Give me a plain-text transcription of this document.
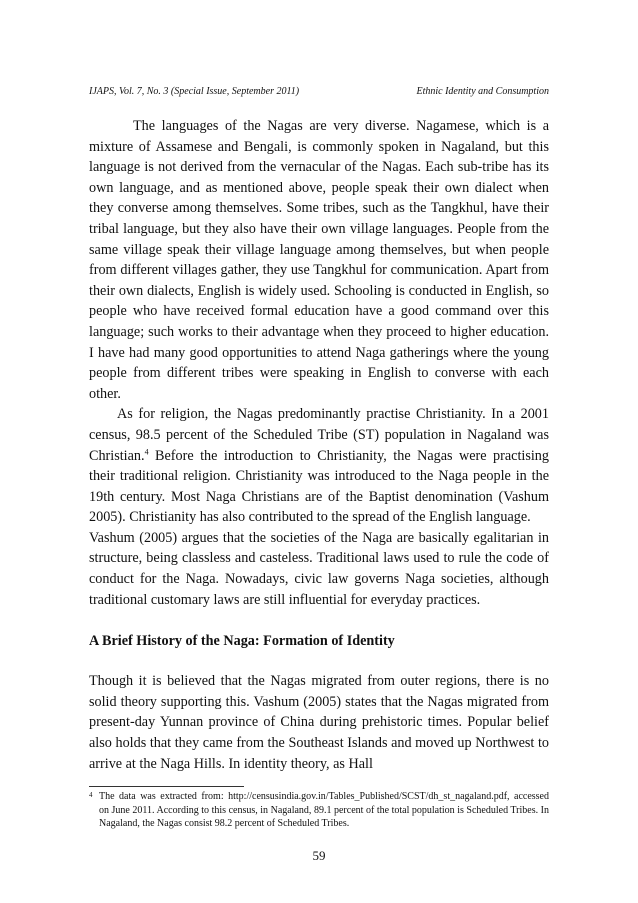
IJAPS, Vol. 7, No. 3 (Special Issue, September 2011)	Ethnic Identity and Consumption

The languages of the Nagas are very diverse. Nagamese, which is a mixture of Assamese and Bengali, is commonly spoken in Nagaland, but this language is not derived from the vernacular of the Nagas. Each sub-tribe has its own language, and as mentioned above, people speak their own dialect when they converse among themselves. Some tribes, such as the Tangkhul, have their tribal language, but they also have their own village languages. People from the same village speak their village language among themselves, but when people from different villages gather, they use Tangkhul for communication. Apart from their own dialects, English is widely used. Schooling is conducted in English, so people who have received formal education have a good command over this language; such works to their advantage when they proceed to higher education. I have had many good opportunities to attend Naga gatherings where the young people from different tribes were speaking in English to converse with each other.

As for religion, the Nagas predominantly practise Christianity. In a 2001 census, 98.5 percent of the Scheduled Tribe (ST) population in Nagaland was Christian.$^4$ Before the introduction to Christianity, the Nagas were practising their traditional religion. Christianity was introduced to the Naga people in the 19th century. Most Naga Christians are of the Baptist denomination (Vashum 2005). Christianity has also contributed to the spread of the English language.

Vashum (2005) argues that the societies of the Naga are basically egalitarian in structure, being classless and casteless. Traditional laws used to rule the code of conduct for the Naga. Nowadays, civic law governs Naga societies, although traditional customary laws are still influential for everyday practices.

A Brief History of the Naga: Formation of Identity

Though it is believed that the Nagas migrated from outer regions, there is no solid theory supporting this. Vashum (2005) states that the Nagas migrated from present-day Yunnan province of China during prehistoric times. Popular belief also holds that they came from the Southeast Islands and moved up Northwest to arrive at the Naga Hills. In identity theory, as Hall

4 The data was extracted from: http://censusindia.gov.in/Tables_Published/SCST/dh_st_nagaland.pdf, accessed on June 2011. According to this census, in Nagaland, 89.1 percent of the total population is Scheduled Tribes. In Nagaland, the Nagas consist 98.2 percent of Scheduled Tribes.
59
